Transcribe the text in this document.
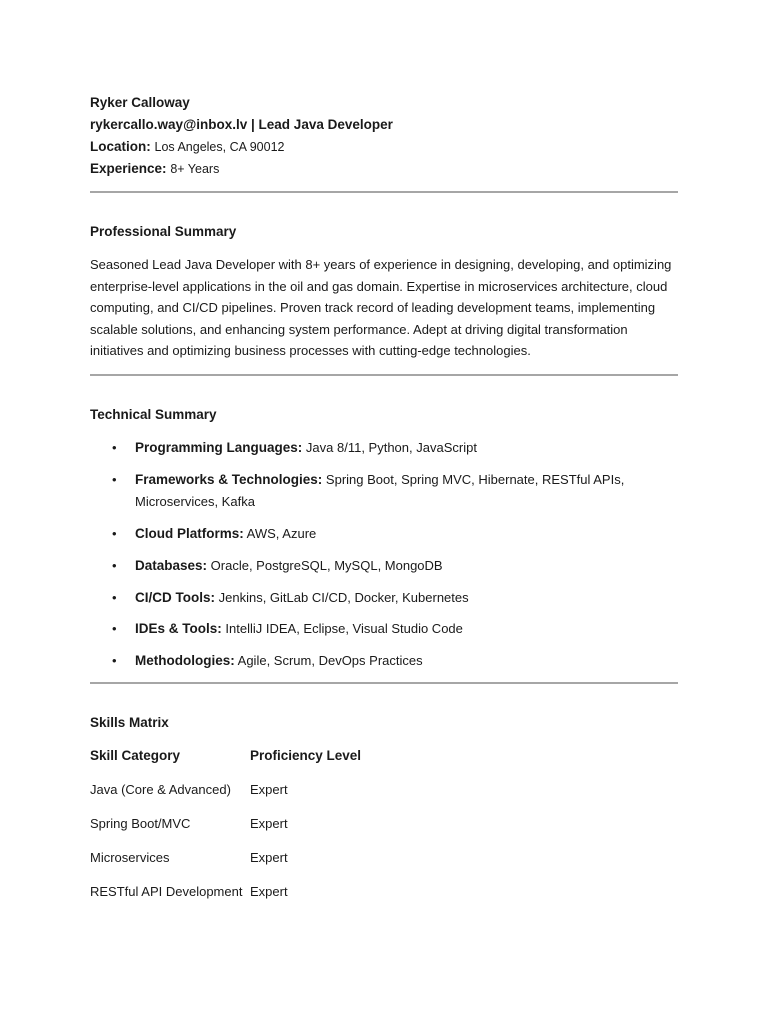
Ryker Calloway
rykercallo.way@inbox.lv | Lead Java Developer
Location: Los Angeles, CA 90012
Experience: 8+ Years
Professional Summary

Seasoned Lead Java Developer with 8+ years of experience in designing, developing, and optimizing enterprise-level applications in the oil and gas domain. Expertise in microservices architecture, cloud computing, and CI/CD pipelines. Proven track record of leading development teams, implementing scalable solutions, and enhancing system performance. Adept at driving digital transformation initiatives and optimizing business processes with cutting-edge technologies.

Technical Summary
• Programming Languages: Java 8/11, Python, JavaScript
• Frameworks & Technologies: Spring Boot, Spring MVC, Hibernate, RESTful APIs, Microservices, Kafka
• Cloud Platforms: AWS, Azure
• Databases: Oracle, PostgreSQL, MySQL, MongoDB
• CI/CD Tools: Jenkins, GitLab CI/CD, Docker, Kubernetes
• IDEs & Tools: IntelliJ IDEA, Eclipse, Visual Studio Code
• Methodologies: Agile, Scrum, DevOps Practices
Skills Matrix
Skill Category	Proficiency Level
Java (Core & Advanced)	Expert
Spring Boot/MVC	Expert
Microservices	Expert
RESTful API Development	Expert
